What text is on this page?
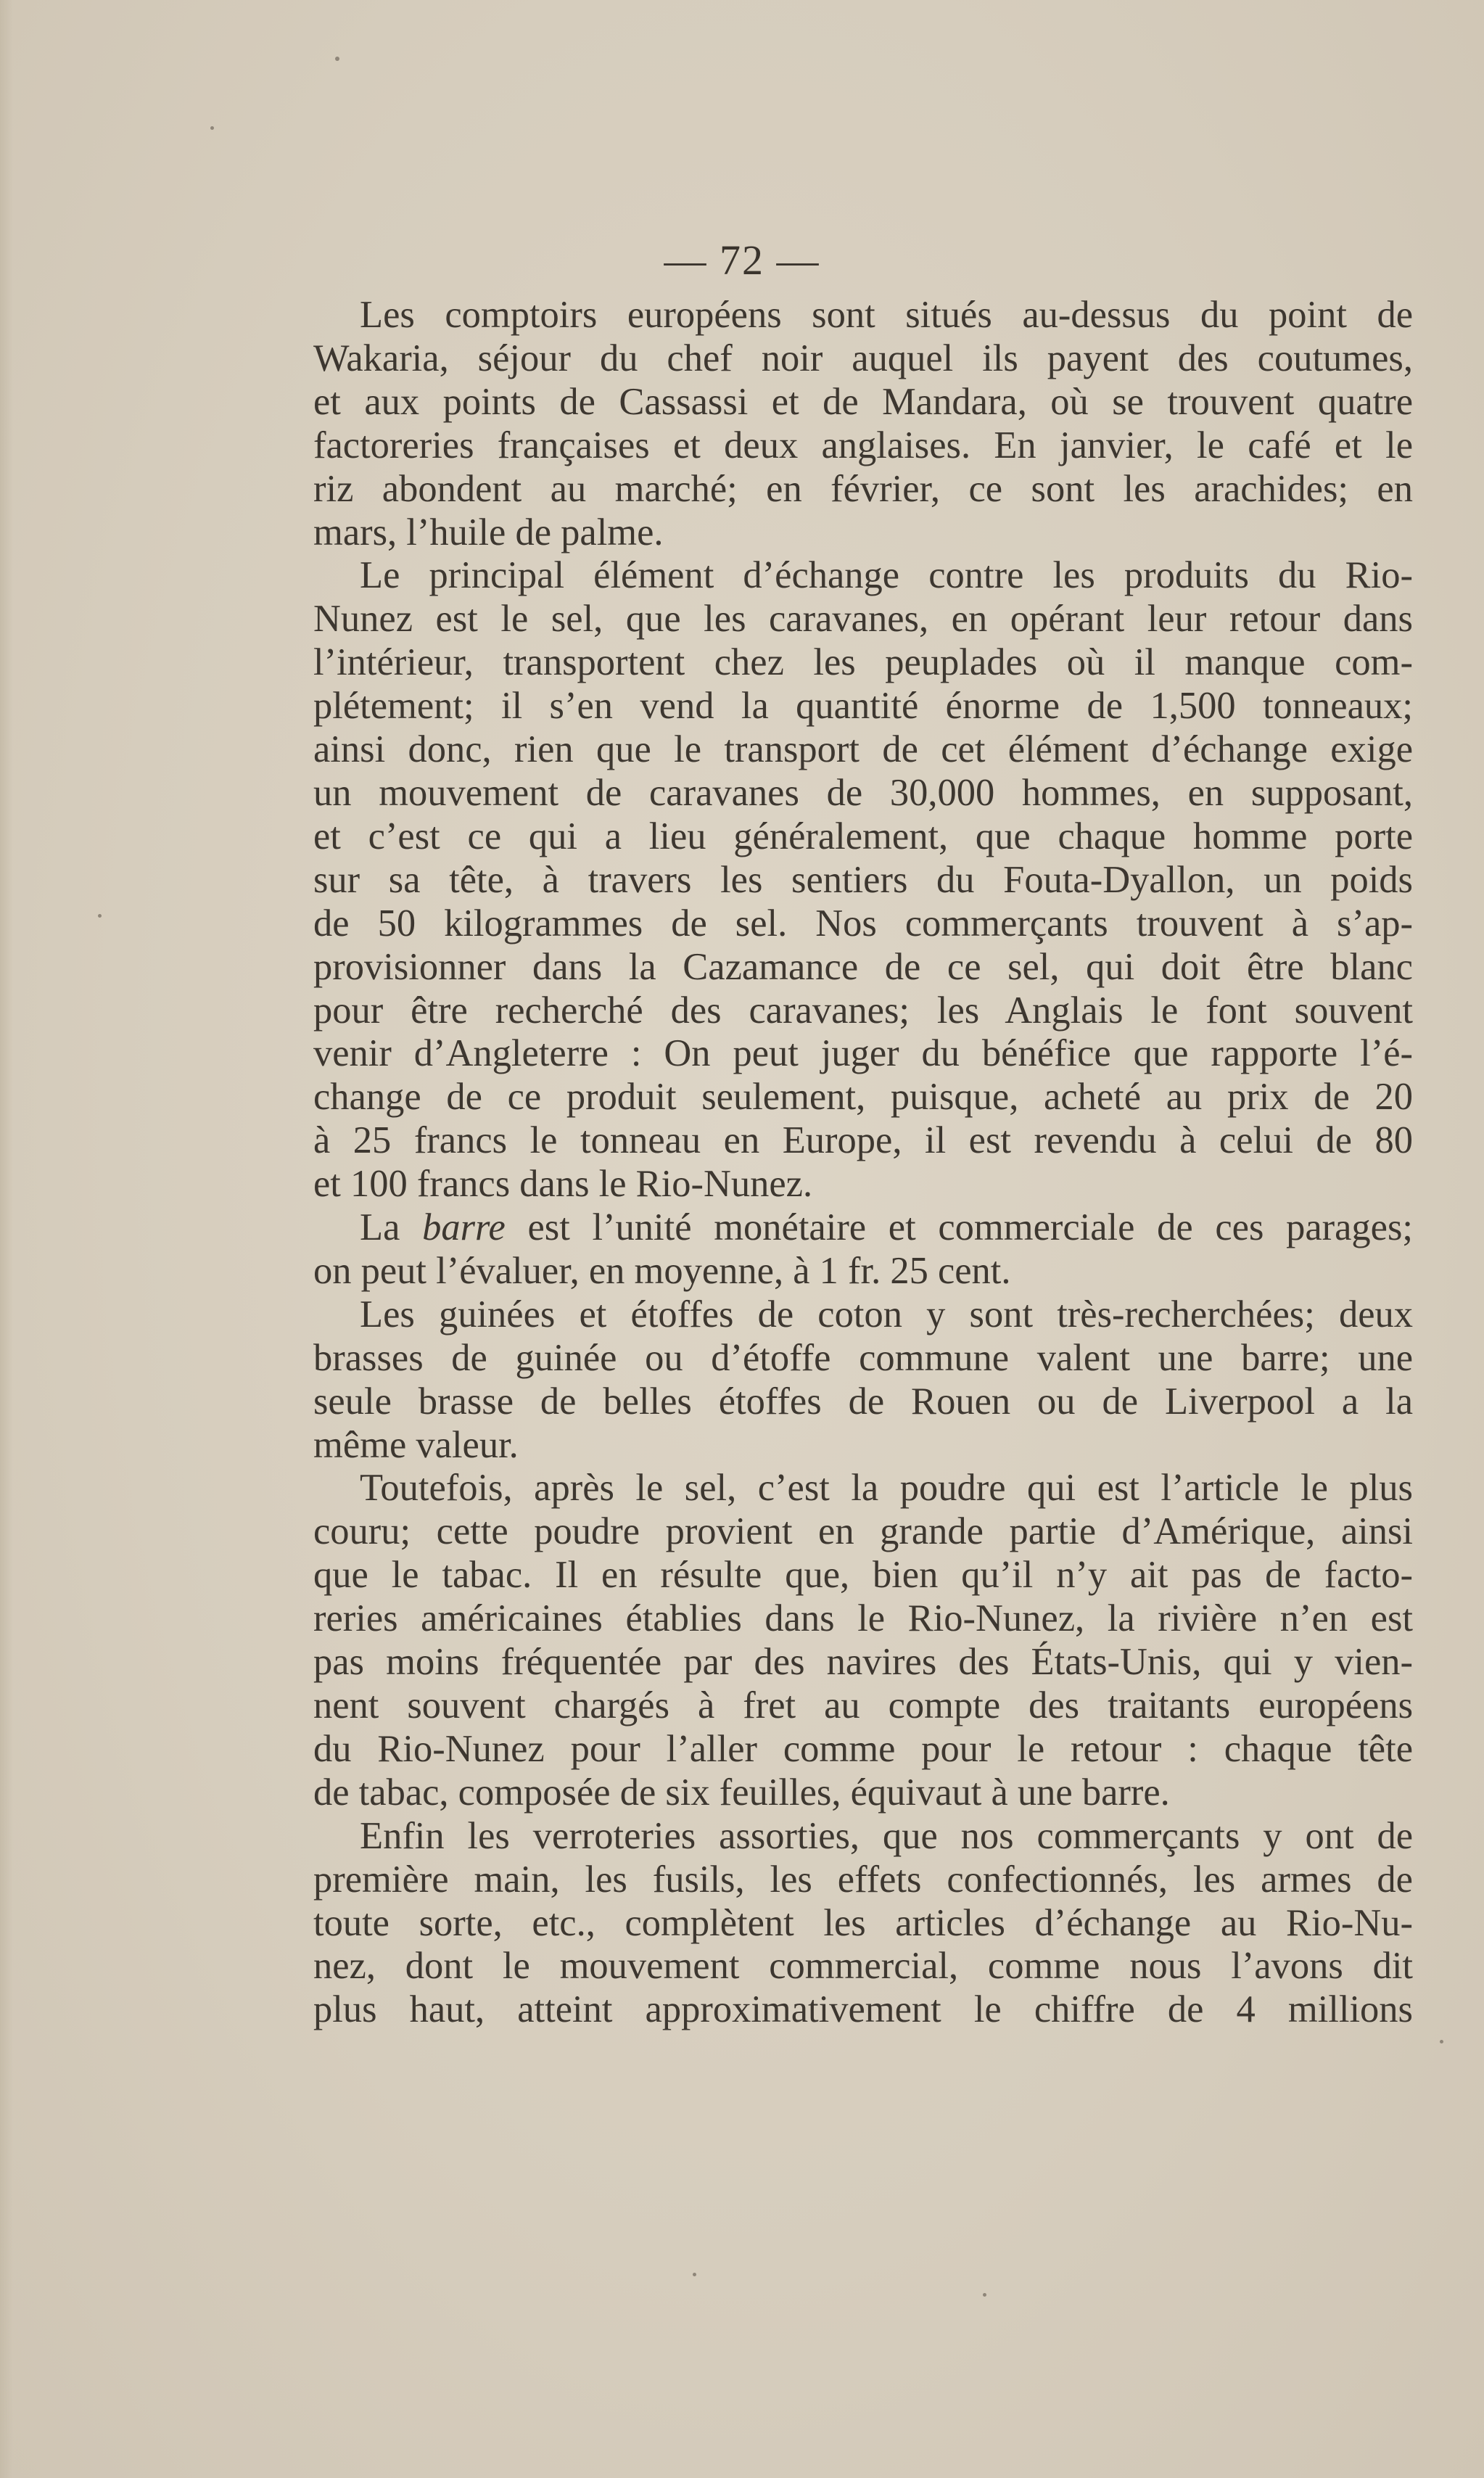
— 72 —
Les comptoirs européens sont situés au-dessus du point de
Wakaria, séjour du chef noir auquel ils payent des coutumes,
et aux points de Cassassi et de Mandara, où se trouvent quatre
factoreries françaises et deux anglaises. En janvier, le café et le
riz abondent au marché; en février, ce sont les arachides; en
mars, l’huile de palme.
Le principal élément d’échange contre les produits du Rio-
Nunez est le sel, que les caravanes, en opérant leur retour dans
l’intérieur, transportent chez les peuplades où il manque com-
plétement; il s’en vend la quantité énorme de 1,500 tonneaux;
ainsi donc, rien que le transport de cet élément d’échange exige
un mouvement de caravanes de 30,000 hommes, en supposant,
et c’est ce qui a lieu généralement, que chaque homme porte
sur sa tête, à travers les sentiers du Fouta-Dyallon, un poids
de 50 kilogrammes de sel. Nos commerçants trouvent à s’ap-
provisionner dans la Cazamance de ce sel, qui doit être blanc
pour être recherché des caravanes; les Anglais le font souvent
venir d’Angleterre : On peut juger du bénéfice que rapporte l’é-
change de ce produit seulement, puisque, acheté au prix de 20
à 25 francs le tonneau en Europe, il est revendu à celui de 80
et 100 francs dans le Rio-Nunez.
La barre est l’unité monétaire et commerciale de ces parages;
on peut l’évaluer, en moyenne, à 1 fr. 25 cent.
Les guinées et étoffes de coton y sont très-recherchées; deux
brasses de guinée ou d’étoffe commune valent une barre; une
seule brasse de belles étoffes de Rouen ou de Liverpool a la
même valeur.
Toutefois, après le sel, c’est la poudre qui est l’article le plus
couru; cette poudre provient en grande partie d’Amérique, ainsi
que le tabac. Il en résulte que, bien qu’il n’y ait pas de facto-
reries américaines établies dans le Rio-Nunez, la rivière n’en est
pas moins fréquentée par des navires des États-Unis, qui y vien-
nent souvent chargés à fret au compte des traitants européens
du Rio-Nunez pour l’aller comme pour le retour : chaque tête
de tabac, composée de six feuilles, équivaut à une barre.
Enfin les verroteries assorties, que nos commerçants y ont de
première main, les fusils, les effets confectionnés, les armes de
toute sorte, etc., complètent les articles d’échange au Rio-Nu-
nez, dont le mouvement commercial, comme nous l’avons dit
plus haut, atteint approximativement le chiffre de 4 millions
